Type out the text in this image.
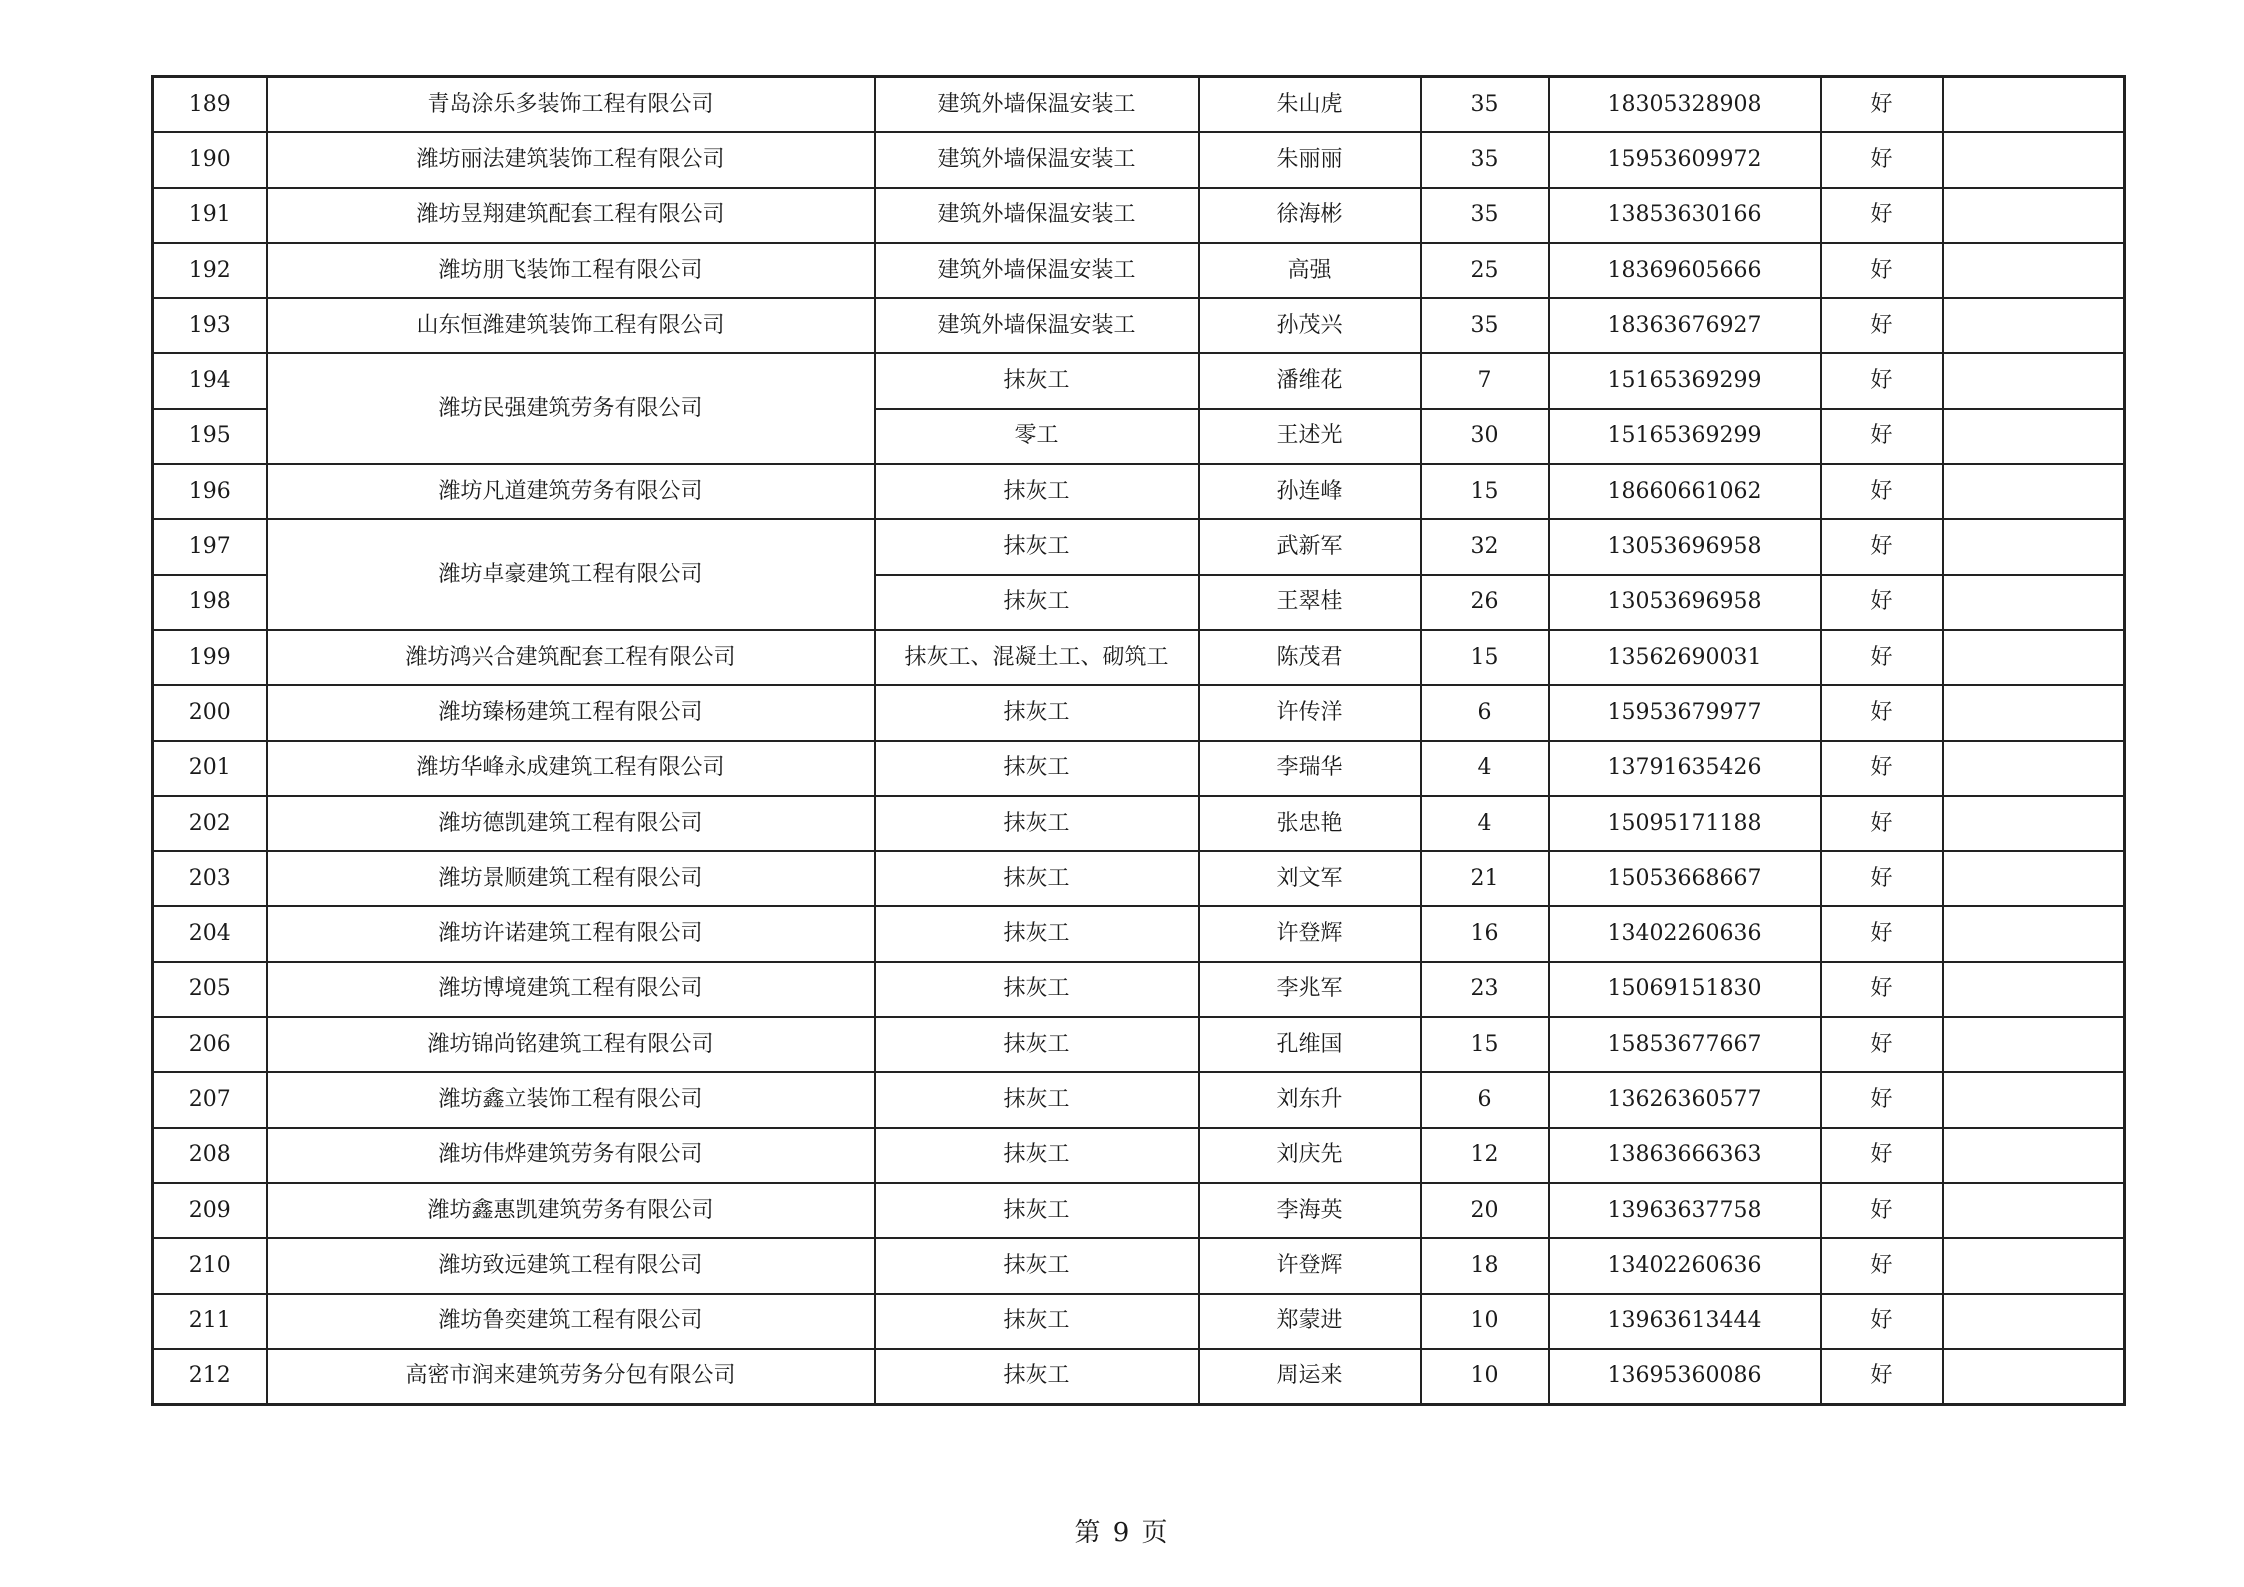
189	青岛涂乐多装饰工程有限公司	建筑外墙保温安装工	朱山虎	35	18305328908	好	
190	潍坊丽法建筑装饰工程有限公司	建筑外墙保温安装工	朱丽丽	35	15953609972	好	
191	潍坊昱翔建筑配套工程有限公司	建筑外墙保温安装工	徐海彬	35	13853630166	好	
192	潍坊朋飞装饰工程有限公司	建筑外墙保温安装工	高强	25	18369605666	好	
193	山东恒潍建筑装饰工程有限公司	建筑外墙保温安装工	孙茂兴	35	18363676927	好	
194	潍坊民强建筑劳务有限公司	抹灰工	潘维花	7	15165369299	好	
195		零工	王述光	30	15165369299	好	
196	潍坊凡道建筑劳务有限公司	抹灰工	孙连峰	15	18660661062	好	
197	潍坊卓豪建筑工程有限公司	抹灰工	武新军	32	13053696958	好	
198		抹灰工	王翠桂	26	13053696958	好	
199	潍坊鸿兴合建筑配套工程有限公司	抹灰工、混凝土工、砌筑工	陈茂君	15	13562690031	好	
200	潍坊臻杨建筑工程有限公司	抹灰工	许传洋	6	15953679977	好	
201	潍坊华峰永成建筑工程有限公司	抹灰工	李瑞华	4	13791635426	好	
202	潍坊德凯建筑工程有限公司	抹灰工	张忠艳	4	15095171188	好	
203	潍坊景顺建筑工程有限公司	抹灰工	刘文军	21	15053668667	好	
204	潍坊许诺建筑工程有限公司	抹灰工	许登辉	16	13402260636	好	
205	潍坊博境建筑工程有限公司	抹灰工	李兆军	23	15069151830	好	
206	潍坊锦尚铭建筑工程有限公司	抹灰工	孔维国	15	15853677667	好	
207	潍坊鑫立装饰工程有限公司	抹灰工	刘东升	6	13626360577	好	
208	潍坊伟烨建筑劳务有限公司	抹灰工	刘庆先	12	13863666363	好	
209	潍坊鑫惠凯建筑劳务有限公司	抹灰工	李海英	20	13963637758	好	
210	潍坊致远建筑工程有限公司	抹灰工	许登辉	18	13402260636	好	
211	潍坊鲁奕建筑工程有限公司	抹灰工	郑蒙进	10	13963613444	好	
212	高密市润来建筑劳务分包有限公司	抹灰工	周运来	10	13695360086	好	
第 9 页
